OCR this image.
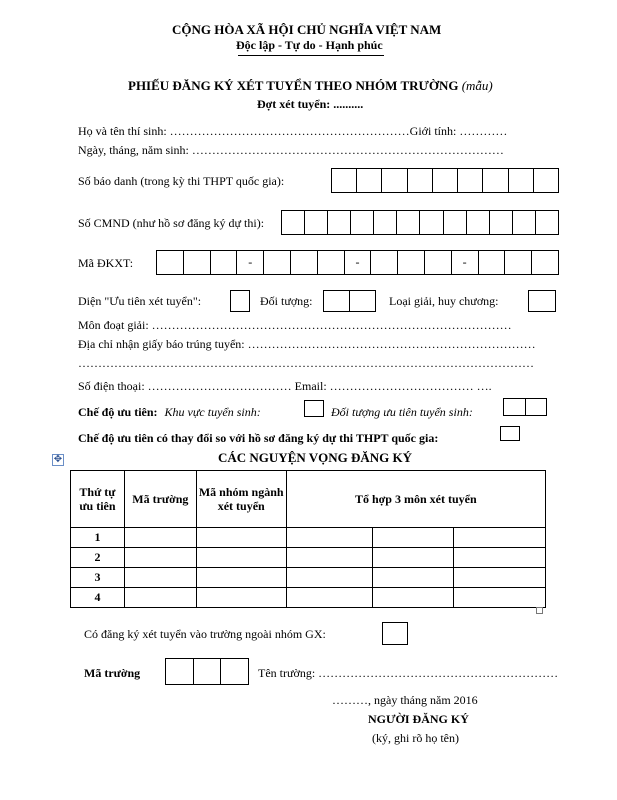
CỘNG HÒA XÃ HỘI CHỦ NGHĨA VIỆT NAM
Độc lập - Tự do - Hạnh phúc
PHIẾU ĐĂNG KÝ XÉT TUYỂN THEO NHÓM TRƯỜNG (mẫu)
Đợt xét tuyển: ..........
Họ và tên thí sinh: ……………………………………………………Giới tính: …………
Ngày, tháng, năm sinh: ……………………………………………………………………
Số báo danh (trong kỳ thi THPT quốc gia):
Số CMND (như hồ sơ đăng ký dự thi):
Mã ĐKXT:	-	-	-
Diện "Ưu tiên xét tuyển":	Đối tượng:	Loại giải, huy chương:
Môn đoạt giải: ………………………………………………………………………………
Địa chỉ nhận giấy báo trúng tuyển: ………………………………………………………………
……………………………………………………………………………………………………
Số điện thoại: ……………………………… Email: ……………………………… ….
Chế độ ưu tiên: Khu vực tuyển sinh:	Đối tượng ưu tiên tuyển sinh:
Chế độ ưu tiên có thay đổi so với hồ sơ đăng ký dự thi THPT quốc gia:
CÁC NGUYỆN VỌNG ĐĂNG KÝ
✥
Thứ tự ưu tiên	Mã trường	Mã nhóm ngành xét tuyển	Tổ hợp 3 môn xét tuyển		
1					
2					
3					
4					
Có đăng ký xét tuyển vào trường ngoài nhóm GX:
Mã trường	Tên trường: ……………………………………………………
………, ngày tháng năm 2016
NGƯỜI ĐĂNG KÝ
(ký, ghi rõ họ tên)
